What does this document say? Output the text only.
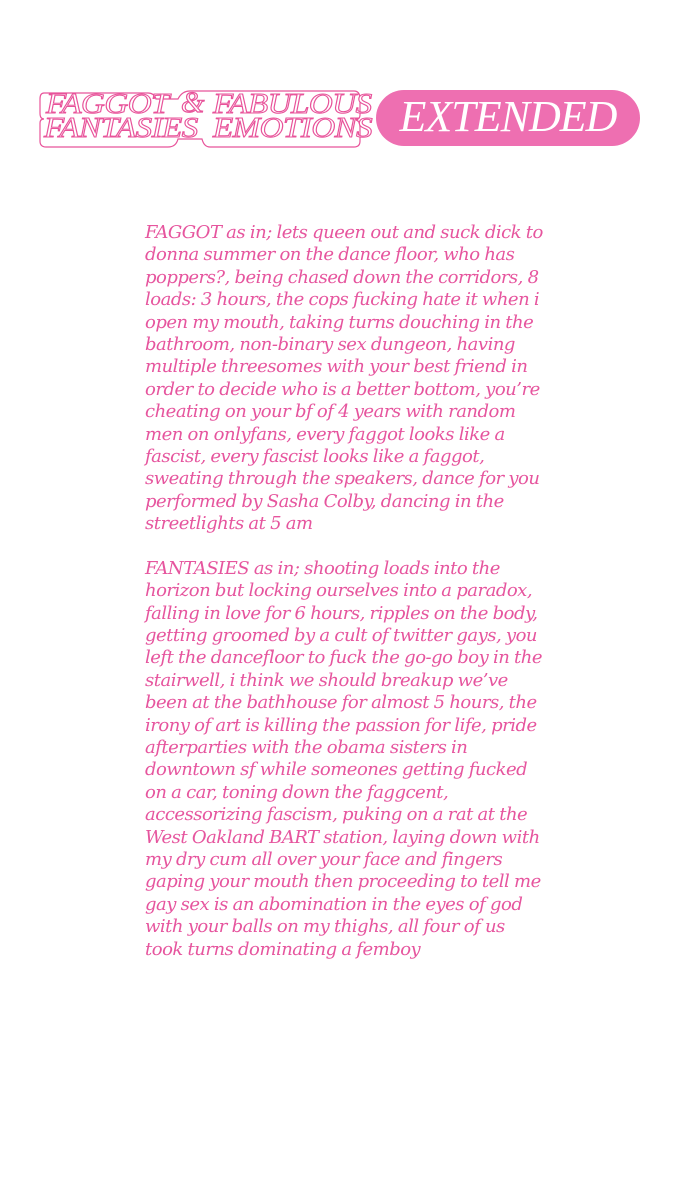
FAGGOT
FANTASIES
& FABULOUS
EMOTIONS EXTENDED

FAGGOT as in; lets queen out and suck dick to donna summer on the dance floor, who has poppers?, being chased down the corridors, 8 loads: 3 hours, the cops fucking hate it when i open my mouth, taking turns douching in the bathroom, non-binary sex dungeon, having multiple threesomes with your best friend in order to decide who is a better bottom, you’re cheating on your bf of 4 years with random men on onlyfans, every faggot looks like a fascist, every fascist looks like a faggot, sweating through the speakers, dance for you performed by Sasha Colby, dancing in the streetlights at 5 am

FANTASIES as in; shooting loads into the horizon but locking ourselves into a paradox, falling in love for 6 hours, ripples on the body, getting groomed by a cult of twitter gays, you left the dancefloor to fuck the go-go boy in the stairwell, i think we should breakup we’ve been at the bathhouse for almost 5 hours, the irony of art is killing the passion for life, pride afterparties with the obama sisters in downtown sf while someones getting fucked on a car, toning down the faggcent, accessorizing fascism, puking on a rat at the West Oakland BART station, laying down with my dry cum all over your face and fingers gaping your mouth then proceeding to tell me gay sex is an abomination in the eyes of god with your balls on my thighs, all four of us took turns dominating a femboy
